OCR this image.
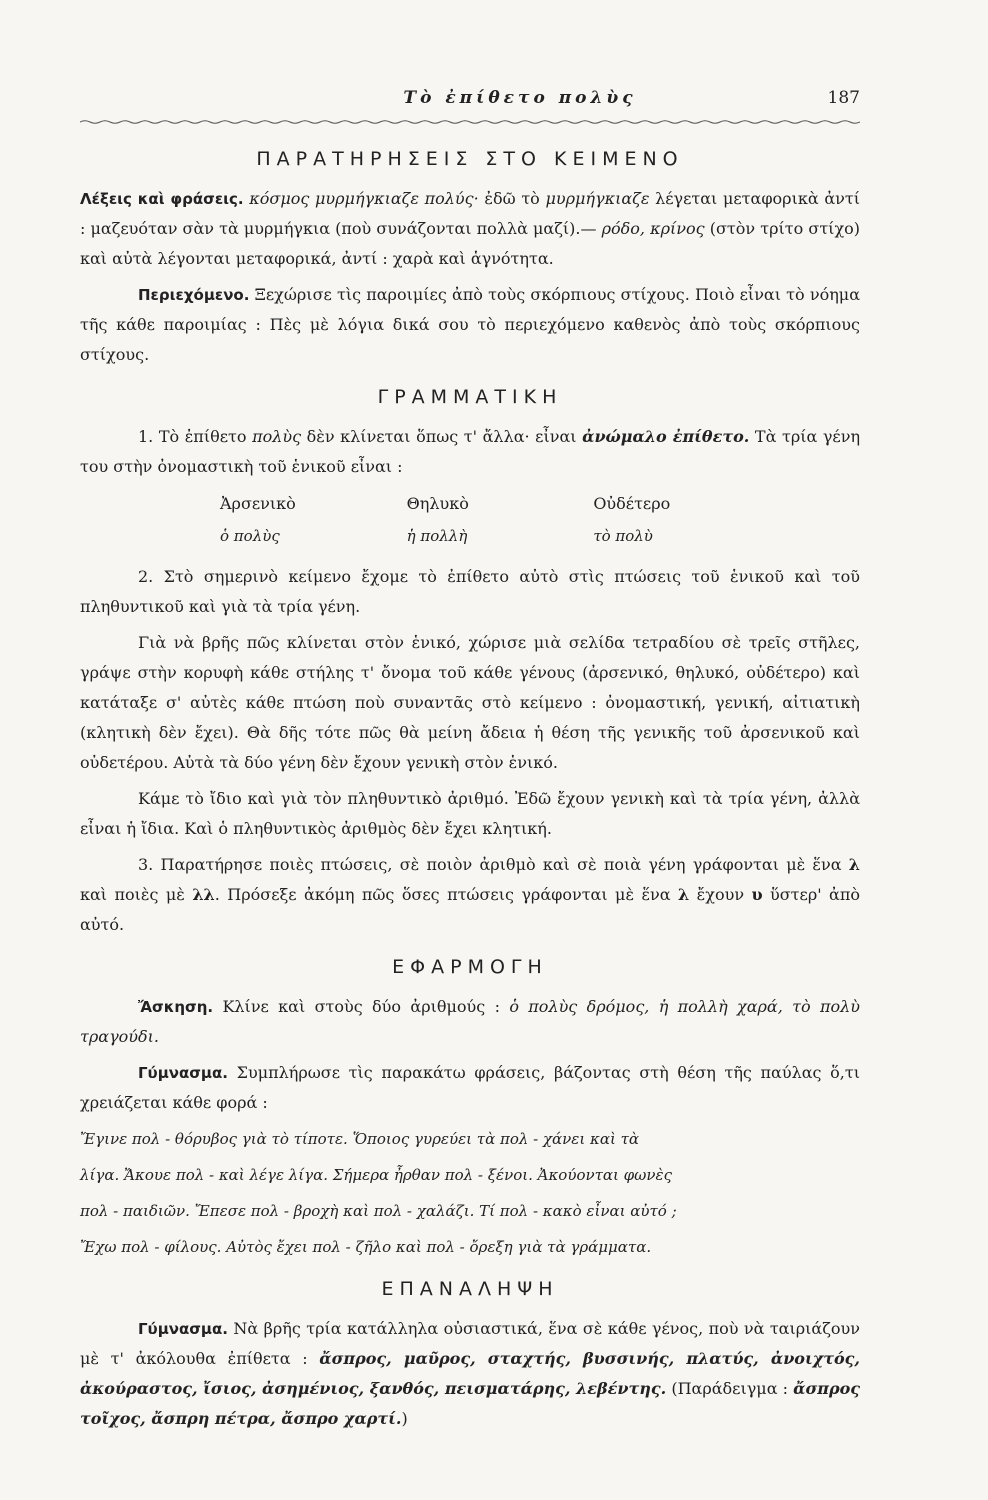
Τὸ ἐπίθετο πολὺς	187
ΠΑΡΑΤΗΡΗΣΕΙΣ ΣΤΟ ΚΕΙΜΕΝΟ

Λέξεις καὶ φράσεις. κόσμος μυρμήγκιαζε πολύς· ἐδῶ τὸ μυρμήγκιαζε λέγεται μεταφορικὰ ἀντί : μαζευόταν σὰν τὰ μυρμήγκια (ποὺ συνάζονται πολλὰ μαζί).— ρόδο, κρίνος (στὸν τρίτο στίχο) καὶ αὐτὰ λέγονται μεταφορικά, ἀντί : χαρὰ καὶ ἁγνότητα.

Περιεχόμενο. Ξεχώρισε τὶς παροιμίες ἀπὸ τοὺς σκόρπιους στίχους. Ποιὸ εἶναι τὸ νόημα τῆς κάθε παροιμίας : Πὲς μὲ λόγια δικά σου τὸ περιεχόμενο καθενὸς ἀπὸ τοὺς σκόρπιους στίχους.

ΓΡΑΜΜΑΤΙΚΗ

1. Τὸ ἐπίθετο πολὺς δὲν κλίνεται ὅπως τ' ἄλλα· εἶναι ἀνώμαλο ἐπίθετο. Τὰ τρία γένη του στὴν ὀνομαστικὴ τοῦ ἑνικοῦ εἶναι :

Ἀρσενικὸ	Θηλυκὸ	Οὐδέτερο
ὁ πολὺς	ἡ πολλὴ	τὸ πολὺ

2. Στὸ σημερινὸ κείμενο ἔχομε τὸ ἐπίθετο αὐτὸ στὶς πτώσεις τοῦ ἑνικοῦ καὶ τοῦ πληθυντικοῦ καὶ γιὰ τὰ τρία γένη.

Γιὰ νὰ βρῆς πῶς κλίνεται στὸν ἑνικό, χώρισε μιὰ σελίδα τετραδίου σὲ τρεῖς στῆλες, γράψε στὴν κορυφὴ κάθε στήλης τ' ὄνομα τοῦ κάθε γένους (ἀρσενικό, θηλυκό, οὐδέτερο) καὶ κατάταξε σ' αὐτὲς κάθε πτώση ποὺ συναντᾶς στὸ κείμενο : ὀνομαστική, γενική, αἰτιατικὴ (κλητικὴ δὲν ἔχει). Θὰ δῆς τότε πῶς θὰ μείνη ἄδεια ἡ θέση τῆς γενικῆς τοῦ ἀρσενικοῦ καὶ οὐδετέρου. Αὐτὰ τὰ δύο γένη δὲν ἔχουν γενικὴ στὸν ἑνικό.

Κάμε τὸ ἴδιο καὶ γιὰ τὸν πληθυντικὸ ἀριθμό. Ἐδῶ ἔχουν γενικὴ καὶ τὰ τρία γένη, ἀλλὰ εἶναι ἡ ἴδια. Καὶ ὁ πληθυντικὸς ἀριθμὸς δὲν ἔχει κλητική.

3. Παρατήρησε ποιὲς πτώσεις, σὲ ποιὸν ἀριθμὸ καὶ σὲ ποιὰ γένη γράφονται μὲ ἕνα λ καὶ ποιὲς μὲ λλ. Πρόσεξε ἀκόμη πῶς ὅσες πτώσεις γράφονται μὲ ἕνα λ ἔχουν υ ὕστερ' ἀπὸ αὐτό.

ΕΦΑΡΜΟΓΗ

Ἄσκηση. Κλίνε καὶ στοὺς δύο ἀριθμούς : ὁ πολὺς δρόμος, ἡ πολλὴ χαρά, τὸ πολὺ τραγούδι.

Γύμνασμα. Συμπλήρωσε τὶς παρακάτω φράσεις, βάζοντας στὴ θέση τῆς παύλας ὅ,τι χρειάζεται κάθε φορά :

Ἔγινε πολ - θόρυβος γιὰ τὸ τίποτε. Ὅποιος γυρεύει τὰ πολ - χάνει καὶ τὰ

λίγα. Ἄκουε πολ - καὶ λέγε λίγα. Σήμερα ἦρθαν πολ - ξένοι. Ἀκούονται φωνὲς

πολ - παιδιῶν. Ἔπεσε πολ - βροχὴ καὶ πολ - χαλάζι. Τί πολ - κακὸ εἶναι αὐτό ;

Ἔχω πολ - φίλους. Αὐτὸς ἔχει πολ - ζῆλο καὶ πολ - ὄρεξη γιὰ τὰ γράμματα.

ΕΠΑΝΑΛΗΨΗ

Γύμνασμα. Νὰ βρῆς τρία κατάλληλα οὐσιαστικά, ἕνα σὲ κάθε γένος, ποὺ νὰ ταιριάζουν μὲ τ' ἀκόλουθα ἐπίθετα : ἄσπρος, μαῦρος, σταχτής, βυσσινής, πλατύς, ἀνοιχτός, ἀκούραστος, ἴσιος, ἀσημένιος, ξανθός, πεισματάρης, λεβέντης. (Παράδειγμα : ἄσπρος τοῖχος, ἄσπρη πέτρα, ἄσπρο χαρτί.)
